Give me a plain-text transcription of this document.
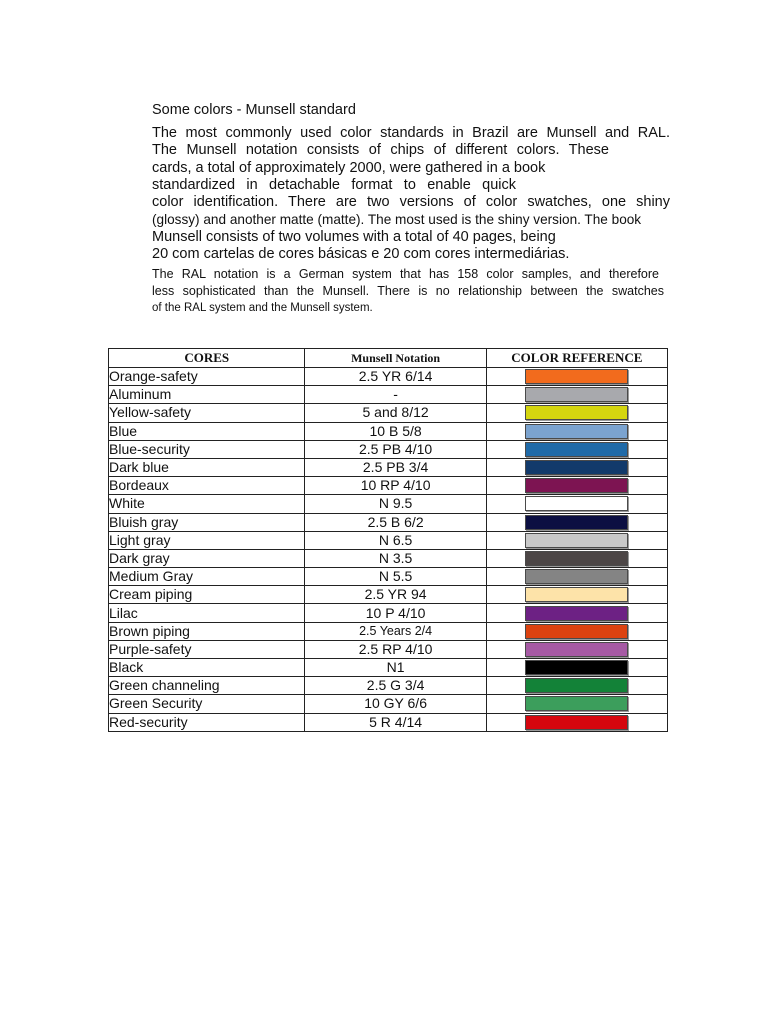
Some colors - Munsell standard
The most commonly used color standards in Brazil are Munsell and RAL.
The Munsell notation consists of chips of different colors. These
cards, a total of approximately 2000, were gathered in a book
standardized in detachable format to enable quick
color identification. There are two versions of color swatches, one shiny
(glossy) and another matte (matte). The most used is the shiny version. The book
Munsell consists of two volumes with a total of 40 pages, being
20 com cartelas de cores básicas e 20 com cores intermediárias.
The RAL notation is a German system that has 158 color samples, and therefore
less sophisticated than the Munsell. There is no relationship between the swatches
of the RAL system and the Munsell system.
CORES	Munsell Notation	COLOR REFERENCE
Orange-safety	2.5 YR 6/14	
Aluminum	-	
Yellow-safety	5 and 8/12	
Blue	10 B 5/8	
Blue-security	2.5 PB 4/10	
Dark blue	2.5 PB 3/4	
Bordeaux	10 RP 4/10	
White	N 9.5	
Bluish gray	2.5 B 6/2	
Light gray	N 6.5	
Dark gray	N 3.5	
Medium Gray	N 5.5	
Cream piping	2.5 YR 94	
Lilac	10 P 4/10	
Brown piping	2.5 Years 2/4	
Purple-safety	2.5 RP 4/10	
Black	N1	
Green channeling	2.5 G 3/4	
Green Security	10 GY 6/6	
Red-security	5 R 4/14	
